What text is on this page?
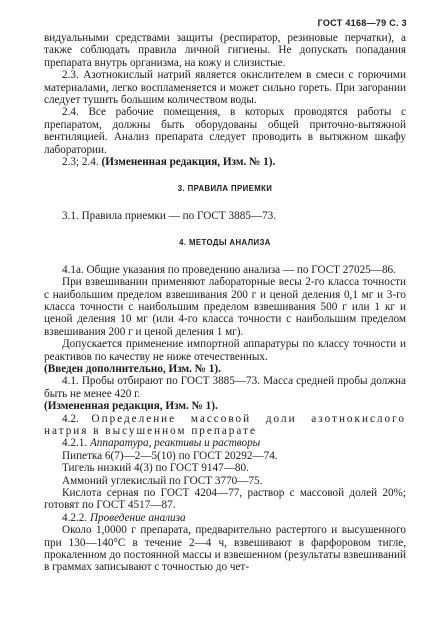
ГОСТ 4168—79 С. 3

видуальными средствами защиты (респиратор, резиновые перчатки), а также соблюдать правила личной гигиены. Не допускать попадания препарата внутрь организма, на кожу и слизистые.

2.3. Азотнокислый натрий является окислителем в смеси с горючими материалами, легко воспламеняется и может сильно гореть. При загорании следует тушить большим количеством воды.

2.4. Все рабочие помещения, в которых проводятся работы с препаратом, должны быть оборудованы общей приточно-вытяжной вентиляцией. Анализ препарата следует проводить в вытяжном шкафу лаборатории.

2.3; 2.4. (Измененная редакция, Изм. № 1).

3. ПРАВИЛА ПРИЕМКИ

3.1. Правила приемки — по ГОСТ 3885—73.

4. МЕТОДЫ АНАЛИЗА

4.1а. Общие указания по проведению анализа — по ГОСТ 27025—86.

При взвешивании применяют лабораторные весы 2-го класса точности с наибольшим пределом взвешивания 200 г и ценой деления 0,1 мг и 3-го класса точности с наибольшим пределом взвешивания 500 г или 1 кг и ценой деления 10 мг (или 4-го класса точности с наибольшим пределом взвешивания 200 г и ценой деления 1 мг).

Допускается применение импортной аппаратуры по классу точности и реактивов по качеству не ниже отечественных.

(Введен дополнительно, Изм. № 1).

4.1. Пробы отбирают по ГОСТ 3885—73. Масса средней пробы должна быть не менее 420 г.

(Измененная редакция, Изм. № 1).

4.2. Определение массовой доли азотнокислого натрия в высушенном препарате

4.2.1. Аппаратура, реактивы и растворы

Пипетка 6(7)—2—5(10) по ГОСТ 20292—74.

Тигель низкий 4(3) по ГОСТ 9147—80.

Аммоний углекислый по ГОСТ 3770—75.

Кислота серная по ГОСТ 4204—77, раствор с массовой долей 20%; готовят по ГОСТ 4517—87.

4.2.2. Проведение анализа

Около 1,0000 г препарата, предварительно растертого и высушенного при 130—140°С в течение 2—4 ч, взвешивают в фарфоровом тигле, прокаленном до постоянной массы и взвешенном (результаты взвешиваний в граммах записывают с точностью до чет-
